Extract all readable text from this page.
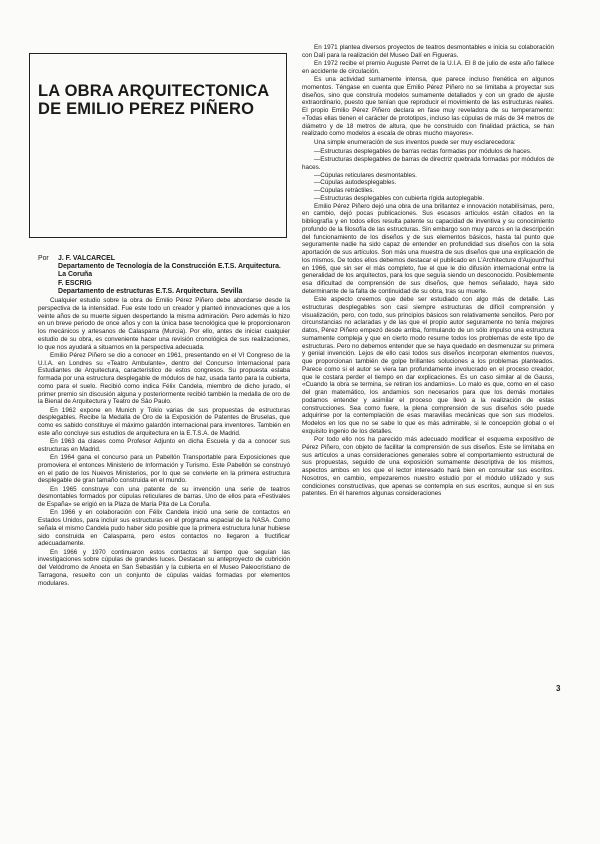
LA OBRA ARQUITECTONICA DE EMILIO PEREZ PIÑERO
Por	J. F. VALCARCEL
Departamento de Tecnología de la Construcción E.T.S. Arquitectura. La Coruña
F. ESCRIG
Departamento de estructuras E.T.S. Arquitectura. Sevilla

Cualquier estudio sobre la obra de Emilio Pérez Piñero debe abordarse desde la perspectiva de la intensidad. Fue este todo un creador y planteó innovaciones que a los veinte años de su muerte siguen despertando la misma admiración. Pero además lo hizo en un breve periodo de once años y con la única base tecnológica que le proporcionaron los mecánicos y artesanos de Calasparra (Murcia). Por ello, antes de iniciar cualquier estudio de su obra, es conveniente hacer una revisión cronológica de sus realizaciones, lo que nos ayudará a situarnos en la perspectiva adecuada.

Emilio Pérez Piñero se dio a conocer en 1961, presentando en el VI Congreso de la U.I.A. en Londres su «Teatro Ambulante», dentro del Concurso Internacional para Estudiantes de Arquitectura, característico de estos congresos. Su propuesta estaba formada por una estructura desplegable de módulos de haz, usada tanto para la cubierta, como para el suelo. Recibió como indica Félix Candela, miembro de dicho jurado, el primer premio sin discusión alguna y posteriormente recibió también la medalla de oro de la Bienal de Arquitectura y Teatro de Sâo Paulo.

En 1962 expone en Munich y Tokio varias de sus propuestas de estructuras desplegables. Recibe la Medalla de Oro de la Exposición de Patentes de Bruselas, que como es sabido constituye el máximo galardón internacional para inventores. También en este año concluye sus estudios de arquitectura en la E.T.S.A. de Madrid.

En 1963 da clases como Profesor Adjunto en dicha Escuela y da a conocer sus estructuras en Madrid.

En 1964 gana el concurso para un Pabellón Transportable para Exposiciones que promoviera el entonces Ministerio de Información y Turismo. Este Pabellón se construyó en el patio de los Nuevos Ministerios, por lo que se convierte en la primera estructura desplegable de gran tamaño construida en el mundo.

En 1965 construye con una patente de su invención una serie de teatros desmontables formados por cúpulas reticulares de barras. Uno de ellos para «Festivales de España» se erigió en la Plaza de María Pita de La Coruña.

En 1966 y en colaboración con Félix Candela inició una serie de contactos en Estados Unidos, para incluir sus estructuras en el programa espacial de la NASA. Como señala el mismo Candela pudo haber sido posible que la primera estructura lunar hubiese sido construida en Calasparra, pero estos contactos no llegaron a fructificar adecuadamente.

En 1966 y 1970 continuaron estos contactos al tiempo que seguían las investigaciones sobre cúpulas de grandes luces. Destacan su anteproyecto de cubrición del Velódromo de Anoeta en San Sebastián y la cubierta en el Museo Paleocristiano de Tarragona, resuelto con un conjunto de cúpulas vaídas formadas por elementos modulares.

En 1971 plantea diversos proyectos de teatros desmontables e inicia su colaboración con Dalí para la realización del Museo Dalí en Figueras.

En 1972 recibe el premio Auguste Perret de la U.I.A. El 8 de julio de este año fallece en accidente de circulación.

Es una actividad sumamente intensa, que parece incluso frenética en algunos momentos. Téngase en cuenta que Emilio Pérez Piñero no se limitaba a proyectar sus diseños, sino que construía modelos sumamente detallados y con un grado de ajuste extraordinario, puesto que tenían que reproducir el movimiento de las estructuras reales. El propio Emilio Pérez Piñero declara en fase muy reveladora de su temperamento: «Todas ellas tienen el carácter de prototipos, incluso las cúpulas de más de 34 metros de diámetro y de 18 metros de altura, que he construido con finalidad práctica, se han realizado como modelos a escala de obras mucho mayores».

Una simple enumeración de sus inventos puede ser muy esclarecedora:

—Estructuras desplegables de barras rectas formadas por módulos de haces.
—Estructuras desplegables de barras de directriz quebrada formadas por módulos de haces.
—Cúpulas reticulares desmontables.
—Cúpulas autodesplegables.
—Cúpulas retráctiles.
—Estructuras desplegables con cubierta rígida autoplegable.

Emilio Pérez Piñero dejó una obra de una brillantez e innovación notabilísimas, pero, en cambio, dejó pocas publicaciones. Sus escasos artículos están citados en la bibliografía y en todos ellos resulta patente su capacidad de inventiva y su conocimiento profundo de la filosofía de las estructuras. Sin embargo son muy parcos en la descripción del funcionamiento de los diseños y de sus elementos básicos, hasta tal punto que seguramente nadie ha sido capaz de entender en profundidad sus diseños con la sola aportación de sus artículos. Son más una muestra de sus diseños que una explicación de los mismos. De todos ellos debemos destacar el publicado en L'Architecture d'Aujourd'hui en 1966, que sin ser el más completo, fue el que le dio difusión internacional entre la generalidad de los arquitectos, para los que seguía siendo un desconocido. Posiblemente esa dificultad de comprensión de sus diseños, que hemos señalado, haya sido determinante de la falta de continuidad de su obra, tras su muerte.

Este aspecto creemos que debe ser estudiado con algo más de detalle. Las estructuras desplegables son casi siempre estructuras de difícil comprensión y visualización, pero, con todo, sus principios básicos son relativamente sencillos. Pero por circunstancias no aclaradas y de las que el propio autor seguramente no tenía mejores datos, Pérez Piñero empezó desde arriba, formulando de un sólo impulso una estructura sumamente compleja y que en cierto modo resume todos los problemas de este tipo de estructuras. Pero no debemos entender que se haya quedado en desmenuzar su primera y genial invención. Lejos de ello casi todos sus diseños incorporan elementos nuevos, que proporcionan también de golpe brillantes soluciones a los problemas planteados. Parece como si el autor se viera tan profundamente involucrado en el proceso creador, que le costara perder el tiempo en dar explicaciones. Es un caso similar al de Gauss, «Cuando la obra se termina, se retiran los andamios». Lo malo es que, como en el caso del gran matemático, los andamios son necesarios para que los demás mortales podamos entender y asimilar el proceso que llevó a la realización de estas construcciones. Sea como fuere, la plena comprensión de sus diseños sólo puede adquirirse por la contemplación de esas maravillas mecánicas que son sus modelos. Modelos en los que no se sabe lo que es más admirable, si le concepción global o el exquisito ingenio de los detalles.

Por todo ello nos ha parecido más adecuado modificar el esquema expositivo de Pérez Piñero, con objeto de facilitar la comprensión de sus diseños. Este se limitaba en sus artículos a unas consideraciones generales sobre el comportamiento estructural de sus propuestas, seguido de una exposición sumamente descriptiva de los mismos, aspectos ambos en los que el lector interesado hará bien en consultar sus escritos. Nosotros, en cambio, empezaremos nuestro estudio por el módulo utilizado y sus condiciones constructivas, que apenas se contempla en sus escritos, aunque sí en sus patentes. En él haremos algunas consideraciones

3
